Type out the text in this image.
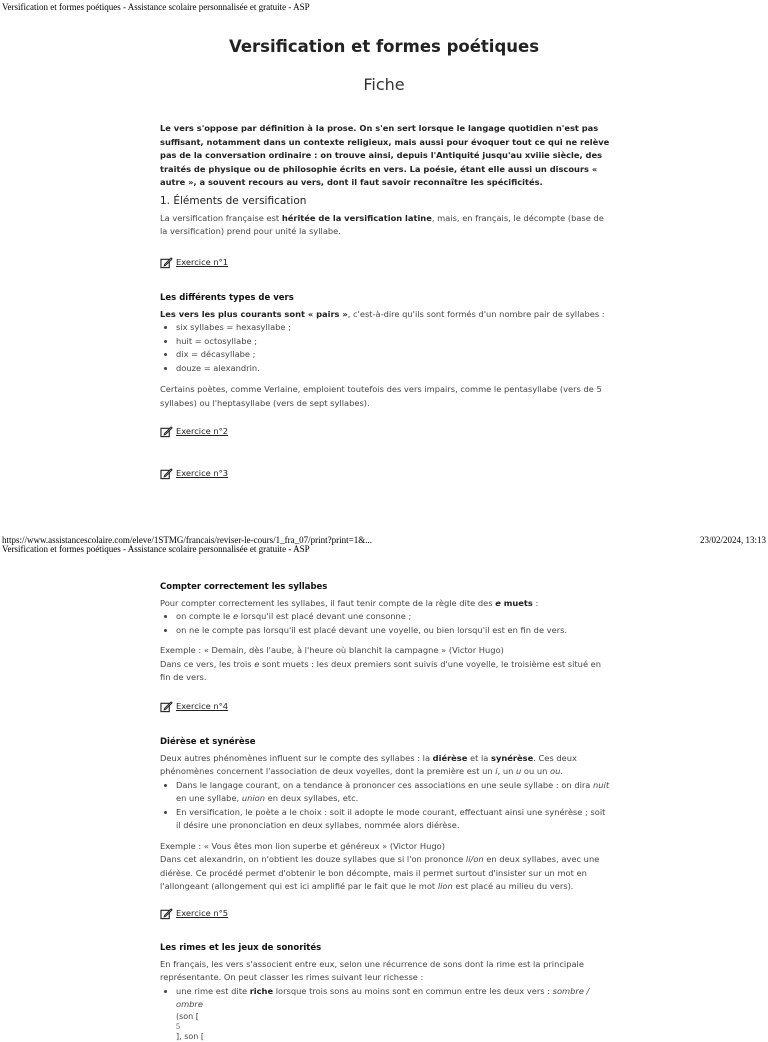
Versification et formes poétiques - Assistance scolaire personnalisée et gratuite - ASP
Versification et formes poétiques
Fiche

Le vers s'oppose par définition à la prose. On s'en sert lorsque le langage quotidien n'est pas suffisant, notamment dans un contexte religieux, mais aussi pour évoquer tout ce qui ne relève pas de la conversation ordinaire : on trouve ainsi, depuis l'Antiquité jusqu'au xviiie siècle, des traités de physique ou de philosophie écrits en vers. La poésie, étant elle aussi un discours « autre », a souvent recours au vers, dont il faut savoir reconnaître les spécificités.

1. Éléments de versification

La versification française est héritée de la versification latine, mais, en français, le décompte (base de la versification) prend pour unité la syllabe.

Exercice n°1
Les différents types de vers

Les vers les plus courants sont « pairs », c'est-à-dire qu'ils sont formés d'un nombre pair de syllabes :

• six syllabes = hexasyllabe ;
• huit = octosyllabe ;
• dix = décasyllabe ;
• douze = alexandrin.

Certains poètes, comme Verlaine, emploient toutefois des vers impairs, comme le pentasyllabe (vers de 5 syllabes) ou l'heptasyllabe (vers de sept syllabes).

Exercice n°2
Exercice n°3
https://www.assistancescolaire.com/eleve/1STMG/francais/reviser-le-cours/1_fra_07/print?print=1&...	23/02/2024, 13:13
Versification et formes poétiques - Assistance scolaire personnalisée et gratuite - ASP
Compter correctement les syllabes

Pour compter correctement les syllabes, il faut tenir compte de la règle dite des e muets :

• on compte le e lorsqu'il est placé devant une consonne ;
• on ne le compte pas lorsqu'il est placé devant une voyelle, ou bien lorsqu'il est en fin de vers.

Exemple : « Demain, dès l'aube, à l'heure où blanchit la campagne » (Victor Hugo)

Dans ce vers, les trois e sont muets : les deux premiers sont suivis d'une voyelle, le troisième est situé en fin de vers.

Exercice n°4
Diérèse et synérèse

Deux autres phénomènes influent sur le compte des syllabes : la diérèse et la synérèse. Ces deux phénomènes concernent l'association de deux voyelles, dont la première est un i, un u ou un ou.

• Dans le langage courant, on a tendance à prononcer ces associations en une seule syllabe : on dira nuit en une syllabe, union en deux syllabes, etc.
• En versification, le poète a le choix : soit il adopte le mode courant, effectuant ainsi une synérèse ; soit il désire une prononciation en deux syllabes, nommée alors diérèse.

Exemple : « Vous êtes mon lion superbe et généreux » (Victor Hugo)

Dans cet alexandrin, on n'obtient les douze syllabes que si l'on prononce li/on en deux syllabes, avec une diérèse. Ce procédé permet d'obtenir le bon décompte, mais il permet surtout d'insister sur un mot en l'allongeant (allongement qui est ici amplifié par le fait que le mot lion est placé au milieu du vers).

Exercice n°5
Les rimes et les jeux de sonorités

En français, les vers s'associent entre eux, selon une récurrence de sons dont la rime est la principale représentante. On peut classer les rimes suivant leur richesse :

• une rime est dite riche lorsque trois sons au moins sont en commun entre les deux vers : sombre / ombre
(son [
5
], son [
